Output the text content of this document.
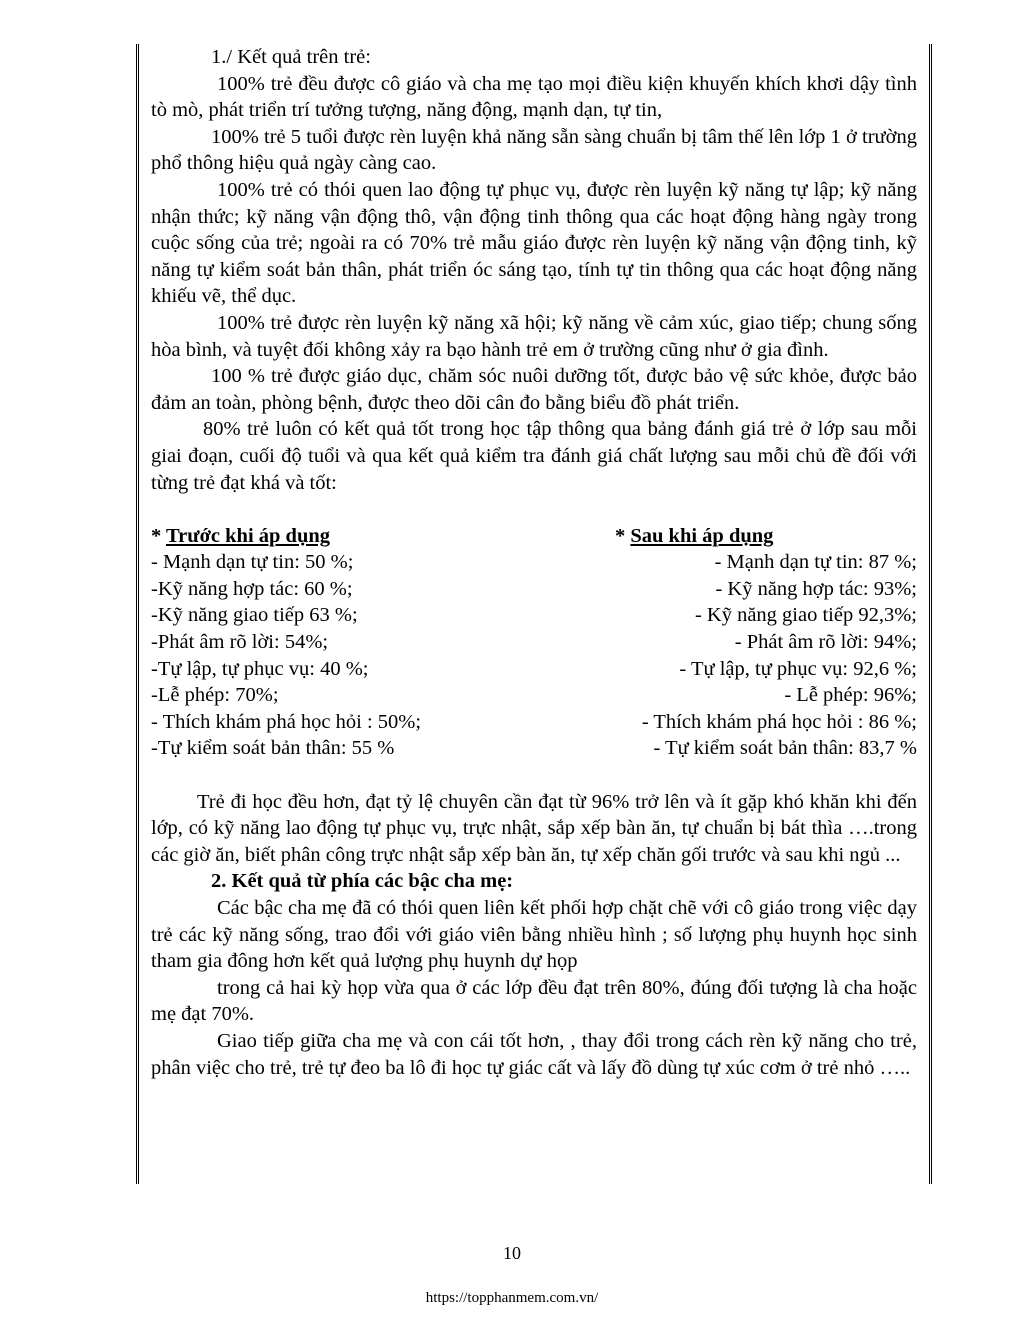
1./ Kết quả trên trẻ:

100% trẻ đều được cô giáo và cha mẹ tạo mọi điều kiện khuyến khích khơi dậy tình tò mò, phát triển trí tưởng tượng, năng động, mạnh dạn, tự tin,

100% trẻ 5 tuổi được rèn luyện khả năng sẵn sàng chuẩn bị tâm thế lên lớp 1 ở trường phổ thông hiệu quả ngày càng cao.

100% trẻ có thói quen lao động tự phục vụ, được rèn luyện kỹ năng tự lập; kỹ năng nhận thức; kỹ năng vận động thô, vận động tinh thông qua các hoạt động hàng ngày trong cuộc sống của trẻ; ngoài ra có 70% trẻ mẫu giáo được rèn luyện kỹ năng vận động tinh, kỹ năng tự kiểm soát bản thân, phát triển óc sáng tạo, tính tự tin thông qua các hoạt động năng khiếu vẽ, thể dục.

100% trẻ được rèn luyện kỹ năng xã hội; kỹ năng về cảm xúc, giao tiếp; chung sống hòa bình, và tuyệt đối không xảy ra bạo hành trẻ em ở trường cũng như ở gia đình.

100 % trẻ được giáo dục, chăm sóc nuôi dưỡng tốt, được bảo vệ sức khỏe, được bảo đảm an toàn, phòng bệnh, được theo dõi cân đo bằng biểu đồ phát triển.

80% trẻ luôn có kết quả tốt trong học tập thông qua bảng đánh giá trẻ ở lớp sau mỗi giai đoạn, cuối độ tuổi và qua kết quả kiểm tra đánh giá chất lượng sau mỗi chủ đề đối với từng trẻ đạt khá và tốt:

* Trước khi áp dụng	* Sau khi áp dụng
- Mạnh dạn tự tin: 50 %;	- Mạnh dạn tự tin: 87 %;
-Kỹ năng hợp tác: 60 %;	- Kỹ năng hợp tác: 93%;
-Kỹ năng giao tiếp 63 %;	- Kỹ năng giao tiếp 92,3%;
-Phát âm rõ lời: 54%;	- Phát âm rõ lời: 94%;
-Tự lập, tự phục vụ: 40 %;	- Tự lập, tự phục vụ: 92,6 %;
-Lễ phép: 70%;	- Lễ phép: 96%;
- Thích khám phá học hỏi : 50%;	- Thích khám phá học hỏi : 86 %;
-Tự kiểm soát bản thân: 55 %	- Tự kiểm soát bản thân: 83,7 %

Trẻ đi học đều hơn, đạt tỷ lệ chuyên cần đạt từ 96% trở lên và ít gặp khó khăn khi đến lớp, có kỹ năng lao động tự phục vụ, trực nhật, sắp xếp bàn ăn, tự chuẩn bị bát thìa ….trong các giờ ăn, biết phân công trực nhật sắp xếp bàn ăn, tự xếp chăn gối trước và sau khi ngủ ...

2. Kết quả từ phía các bậc cha mẹ:

Các bậc cha mẹ đã có thói quen liên kết phối hợp chặt chẽ với cô giáo trong việc dạy trẻ các kỹ năng sống, trao đổi với giáo viên bằng nhiều hình ; số lượng phụ huynh học sinh tham gia đông hơn kết quả lượng phụ huynh dự họp

trong cả hai kỳ họp vừa qua ở các lớp đều đạt trên 80%, đúng đối tượng là cha hoặc mẹ đạt 70%.

Giao tiếp giữa cha mẹ và con cái tốt hơn, , thay đổi trong cách rèn kỹ năng cho trẻ, phân việc cho trẻ, trẻ tự đeo ba lô đi học tự giác cất và lấy đồ dùng tự xúc cơm ở trẻ nhỏ …..

10
https://topphanmem.com.vn/
